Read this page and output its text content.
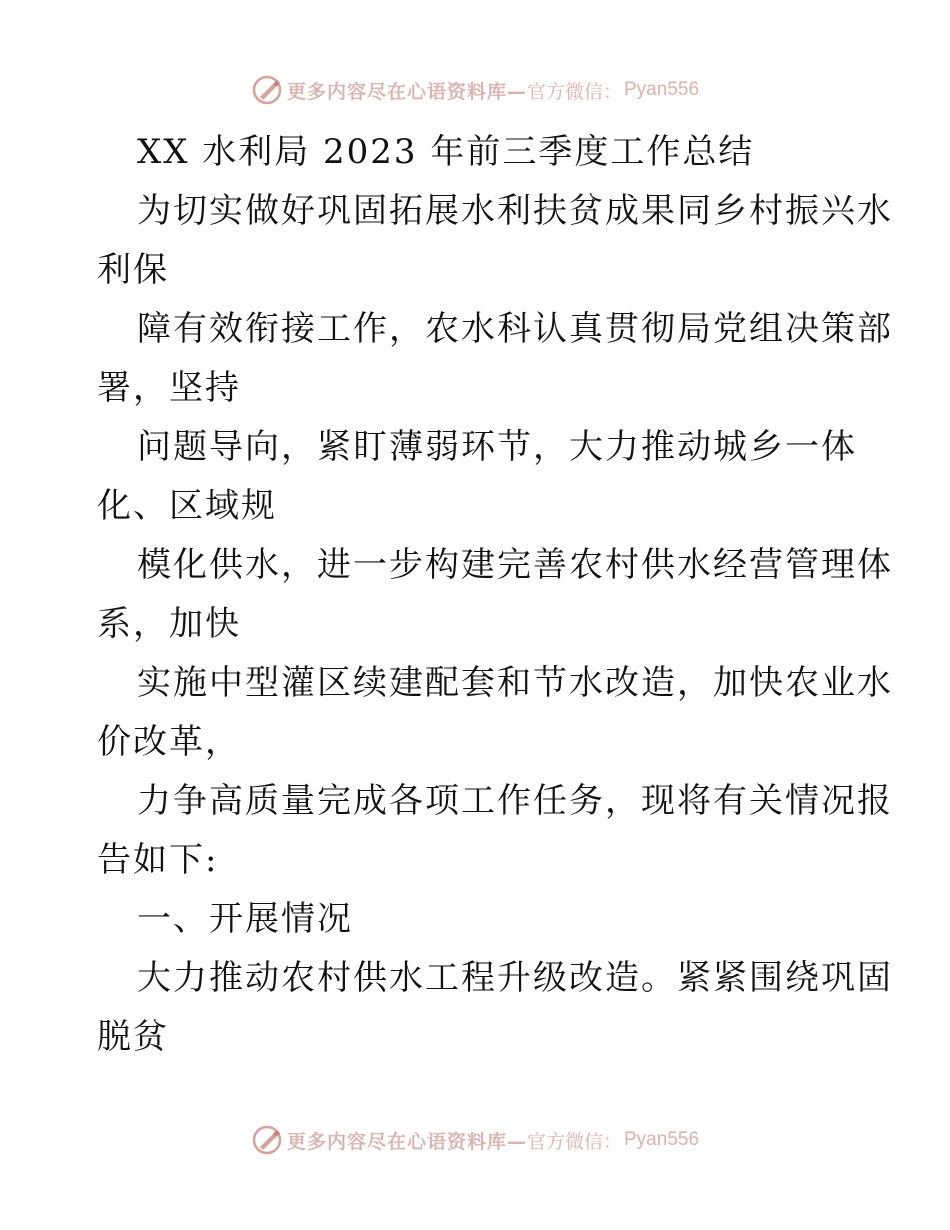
更多内容尽在心语资料库— 官方微信： Pyan556
XX 水利局 2023 年前三季度工作总结
为切实做好巩固拓展水利扶贫成果同乡村振兴水
利保
障有效衔接工作，农水科认真贯彻局党组决策部
署，坚持
问题导向，紧盯薄弱环节，大力推动城乡一体
化、区域规
模化供水，进一步构建完善农村供水经营管理体
系，加快
实施中型灌区续建配套和节水改造，加快农业水
价改革，
力争高质量完成各项工作任务，现将有关情况报
告如下:
一、开展情况
大力推动农村供水工程升级改造。紧紧围绕巩固
脱贫
更多内容尽在心语资料库— 官方微信： Pyan556
